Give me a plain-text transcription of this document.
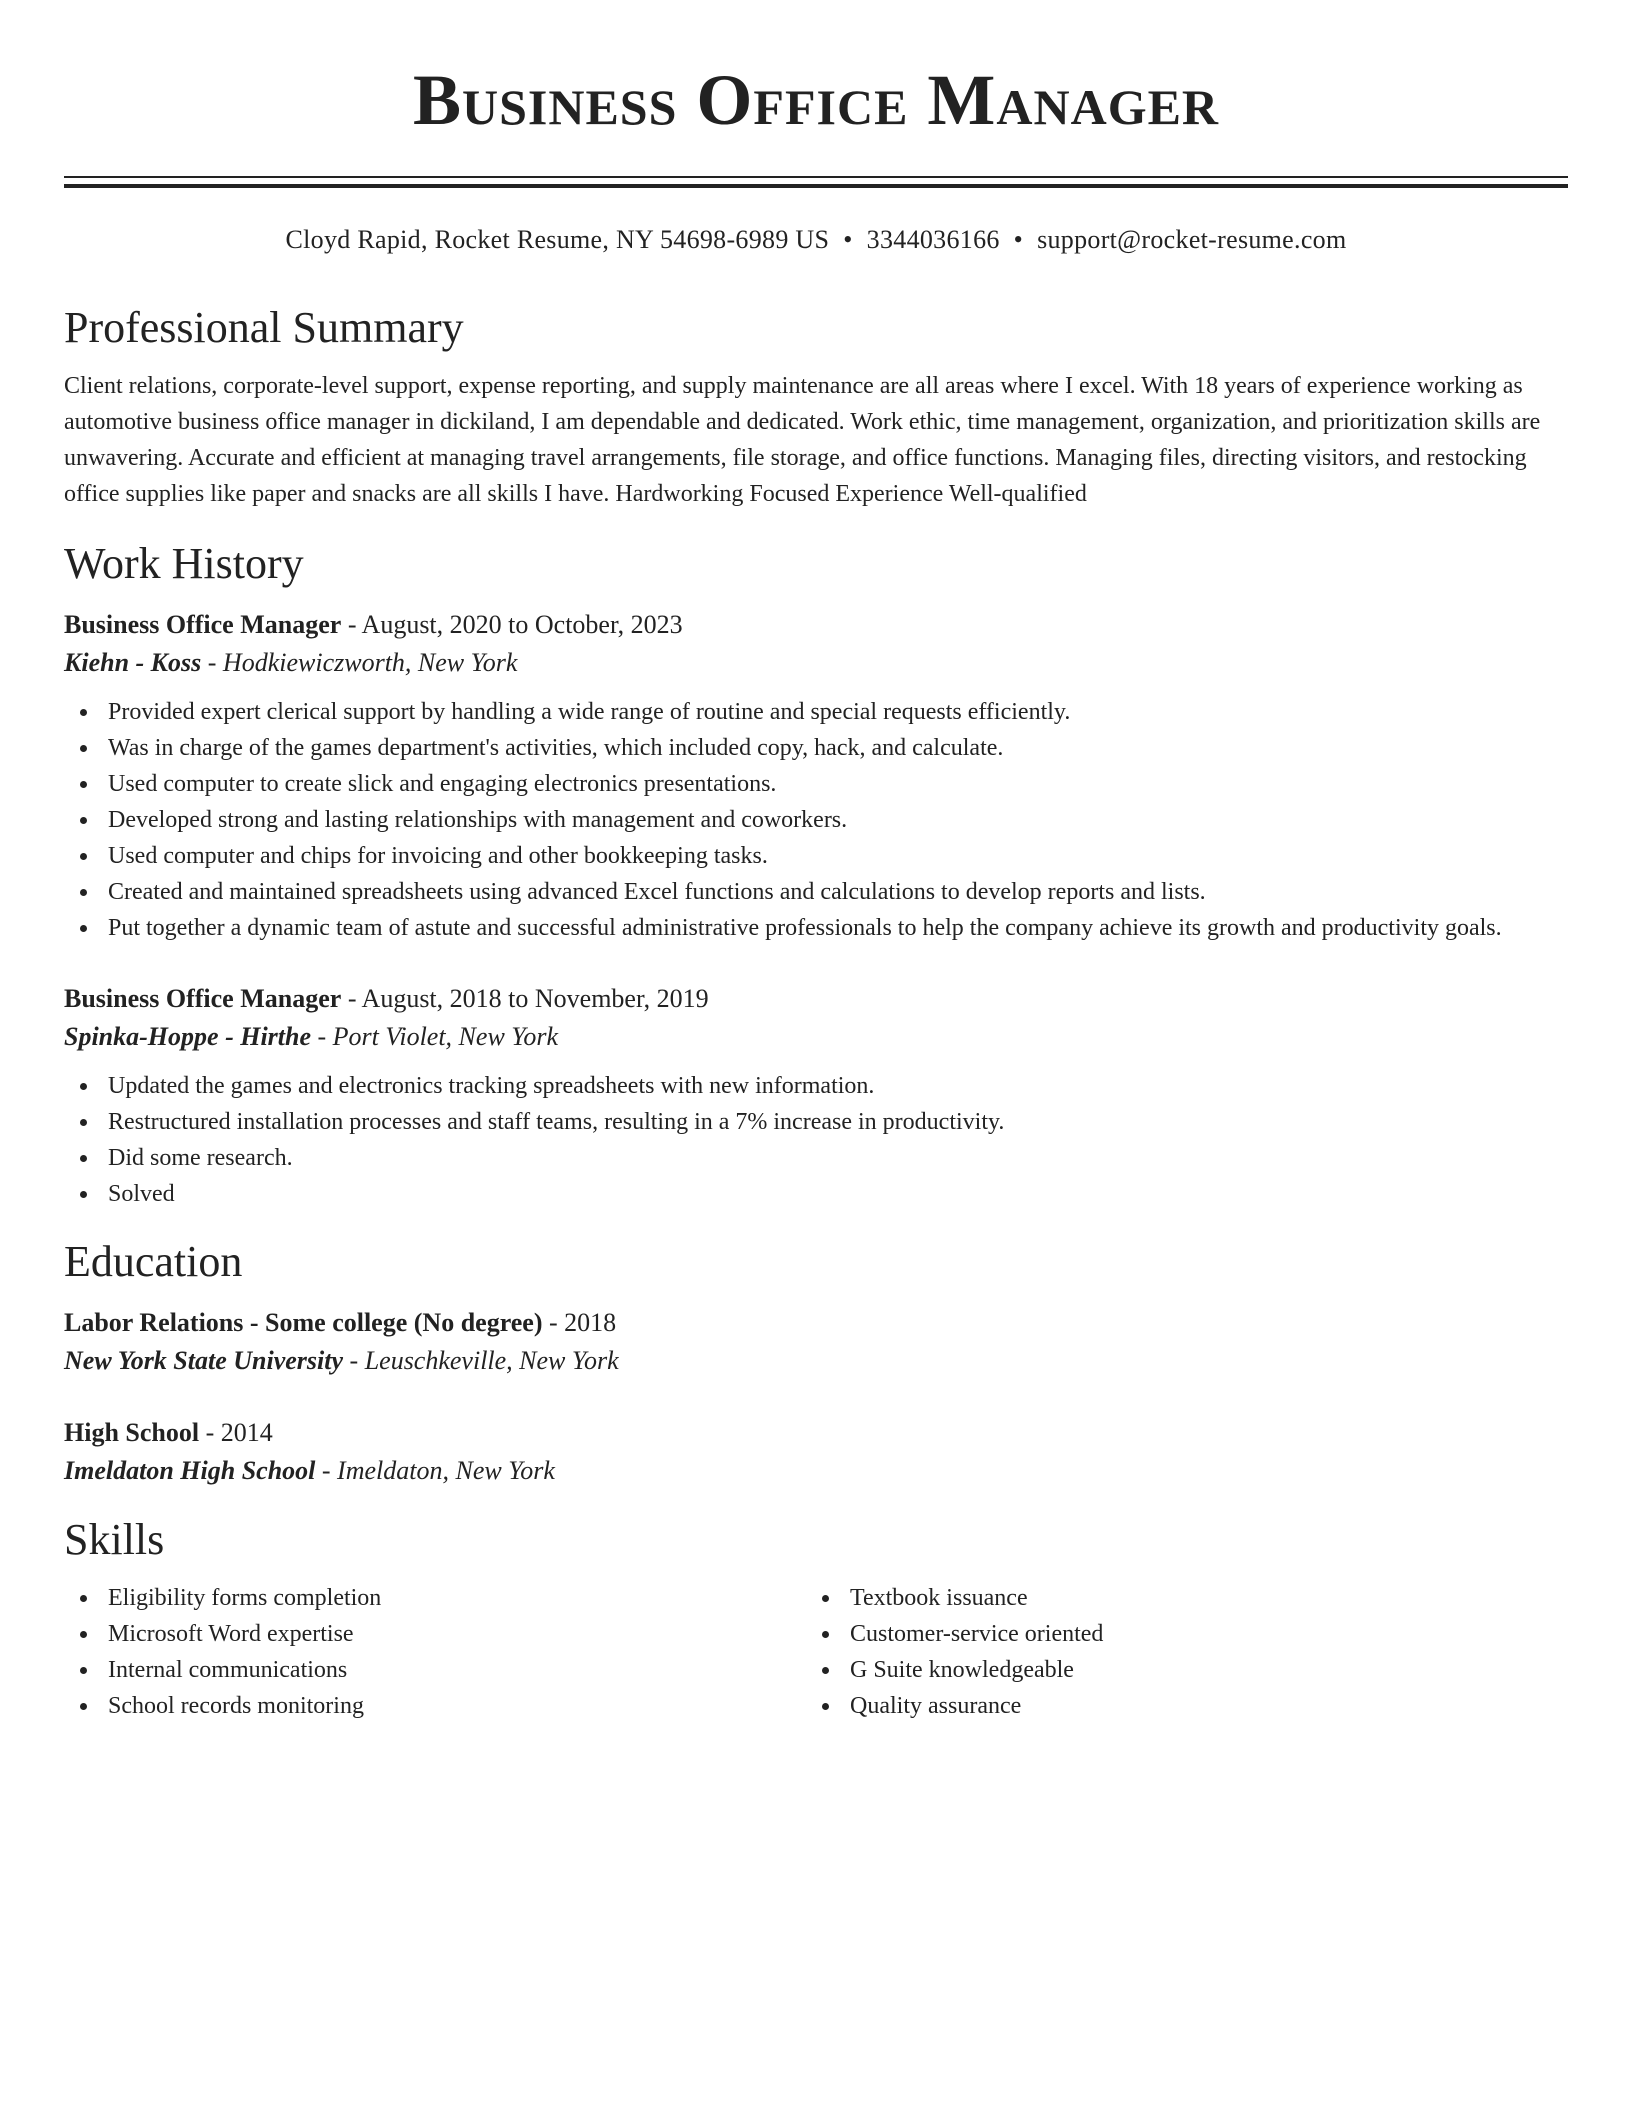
Business Office Manager
Cloyd Rapid, Rocket Resume, NY 54698-6989 US • 3344036166 • support@rocket-resume.com
Professional Summary
Client relations, corporate-level support, expense reporting, and supply maintenance are all areas where I excel. With 18 years of experience working as automotive business office manager in dickiland, I am dependable and dedicated. Work ethic, time management, organization, and prioritization skills are unwavering. Accurate and efficient at managing travel arrangements, file storage, and office functions. Managing files, directing visitors, and restocking office supplies like paper and snacks are all skills I have. Hardworking Focused Experience Well-qualified
Work History
Business Office Manager - August, 2020 to October, 2023
Kiehn - Koss - Hodkiewiczworth, New York
Provided expert clerical support by handling a wide range of routine and special requests efficiently.
Was in charge of the games department's activities, which included copy, hack, and calculate.
Used computer to create slick and engaging electronics presentations.
Developed strong and lasting relationships with management and coworkers.
Used computer and chips for invoicing and other bookkeeping tasks.
Created and maintained spreadsheets using advanced Excel functions and calculations to develop reports and lists.
Put together a dynamic team of astute and successful administrative professionals to help the company achieve its growth and productivity goals.
Business Office Manager - August, 2018 to November, 2019
Spinka-Hoppe - Hirthe - Port Violet, New York
Updated the games and electronics tracking spreadsheets with new information.
Restructured installation processes and staff teams, resulting in a 7% increase in productivity.
Did some research.
Solved
Education
Labor Relations - Some college (No degree) - 2018
New York State University - Leuschkeville, New York
High School - 2014
Imeldaton High School - Imeldaton, New York
Skills
Eligibility forms completion
Microsoft Word expertise
Internal communications
School records monitoring
Textbook issuance
Customer-service oriented
G Suite knowledgeable
Quality assurance
